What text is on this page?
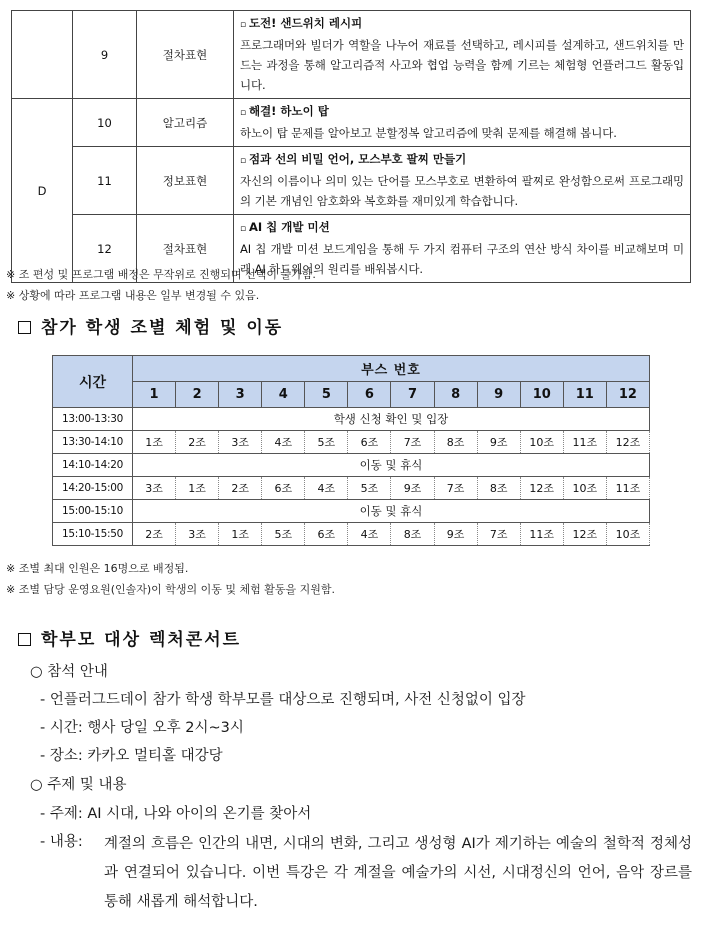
	9	절차표현	▫ 도전! 샌드위치 레시피
프로그래머와 빌더가 역할을 나누어 재료를 선택하고, 레시피를 설계하고, 샌드위치를 만드는 과정을 통해 알고리즘적 사고와 협업 능력을 함께 기르는 체험형 언플러그드 활동입니다.

D	10	알고리즘	▫ 해결! 하노이 탑
하노이 탑 문제를 알아보고 분할정복 알고리즘에 맞춰 문제를 해결해 봅니다.

	11	정보표현	▫ 점과 선의 비밀 언어, 모스부호 팔찌 만들기
자신의 이름이나 의미 있는 단어를 모스부호로 변환하여 팔찌로 완성함으로써 프로그래밍의 기본 개념인 암호화와 복호화를 재미있게 학습합니다.

	12	절차표현	▫ AI 칩 개발 미션
AI 칩 개발 미션 보드게임을 통해 두 가지 컴퓨터 구조의 연산 방식 차이를 비교해보며 미래 AI 하드웨어의 원리를 배워봅시다.
※ 조 편성 및 프로그램 배정은 무작위로 진행되며 선택이 불가함.
※ 상황에 따라 프로그램 내용은 일부 변경될 수 있음.
참가 학생 조별 체험 및 이동
시간	부스 번호											
	1	2	3	4	5	6	7	8	9	10	11	12
13:00-13:30	학생 신청 확인 및 입장											
13:30-14:10	1조	2조	3조	4조	5조	6조	7조	8조	9조	10조	11조	12조
14:10-14:20	이동 및 휴식											
14:20-15:00	3조	1조	2조	6조	4조	5조	9조	7조	8조	12조	10조	11조
15:00-15:10	이동 및 휴식											
15:10-15:50	2조	3조	1조	5조	6조	4조	8조	9조	7조	11조	12조	10조
※ 조별 최대 인원은 16명으로 배정됨.
※ 조별 담당 운영요원(인솔자)이 학생의 이동 및 체험 활동을 지원함.
학부모 대상 렉처콘서트
○ 참석 안내
- 언플러그드데이 참가 학생 학부모를 대상으로 진행되며, 사전 신청없이 입장
- 시간: 행사 당일 오후 2시~3시
- 장소: 카카오 멀티홀 대강당
○ 주제 및 내용
- 주제: AI 시대, 나와 아이의 온기를 찾아서
- 내용: 계절의 흐름은 인간의 내면, 시대의 변화, 그리고 생성형 AI가 제기하는 예술의 철학적 정체성과 연결되어 있습니다. 이번 특강은 각 계절을 예술가의 시선, 시대정신의 언어, 음악 장르를 통해 새롭게 해석합니다.
